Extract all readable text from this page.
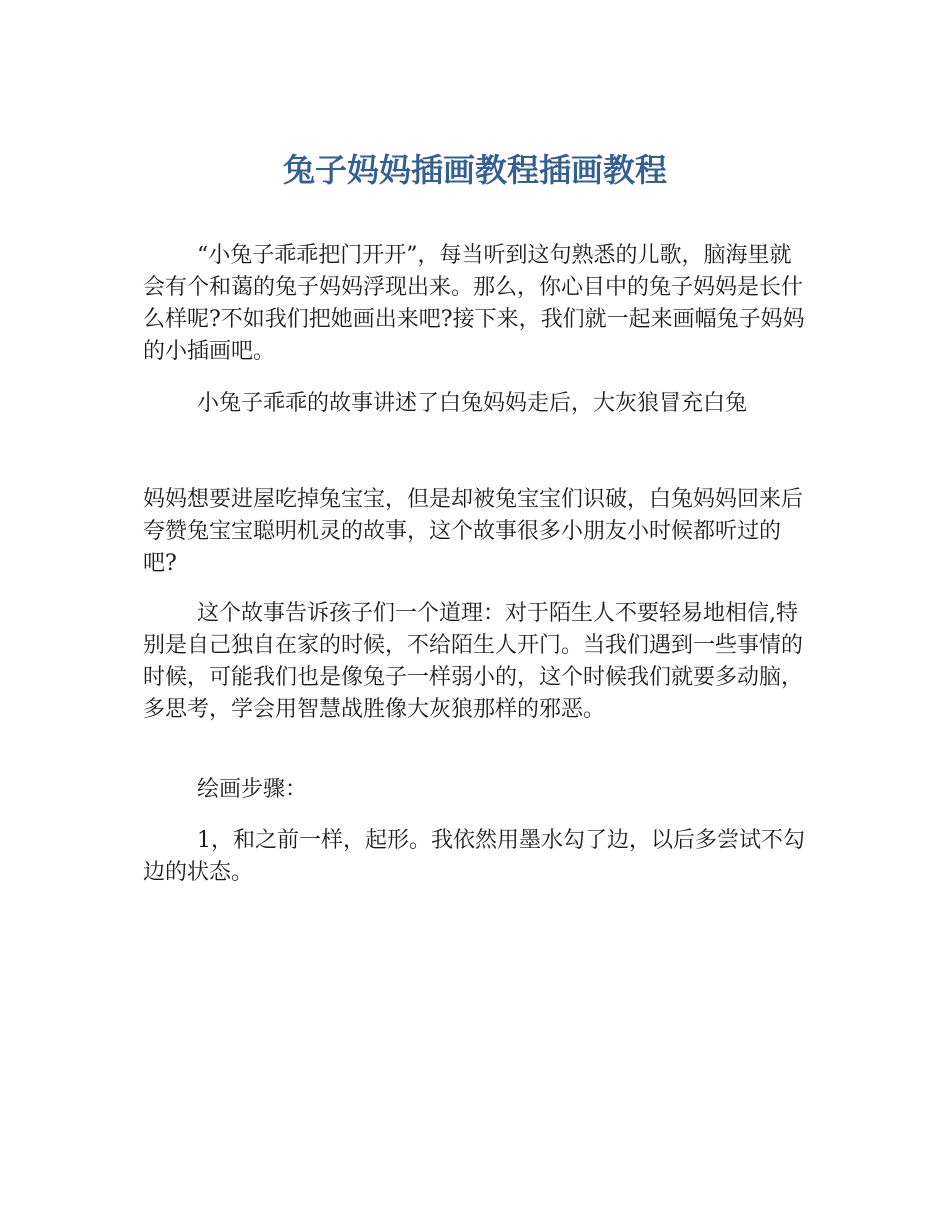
兔子妈妈插画教程插画教程

“小兔子乖乖把门开开”，每当听到这句熟悉的儿歌，脑海里就会有个和蔼的兔子妈妈浮现出来。那么，你心目中的兔子妈妈是长什么样呢?不如我们把她画出来吧?接下来，我们就一起来画幅兔子妈妈的小插画吧。

小兔子乖乖的故事讲述了白兔妈妈走后，大灰狼冒充白兔

妈妈想要进屋吃掉兔宝宝，但是却被兔宝宝们识破，白兔妈妈回来后夸赞兔宝宝聪明机灵的故事，这个故事很多小朋友小时候都听过的吧?

这个故事告诉孩子们一个道理：对于陌生人不要轻易地相信,特别是自己独自在家的时候，不给陌生人开门。当我们遇到一些事情的时候，可能我们也是像兔子一样弱小的，这个时候我们就要多动脑，多思考，学会用智慧战胜像大灰狼那样的邪恶。

绘画步骤：

1，和之前一样，起形。我依然用墨水勾了边，以后多尝试不勾边的状态。
